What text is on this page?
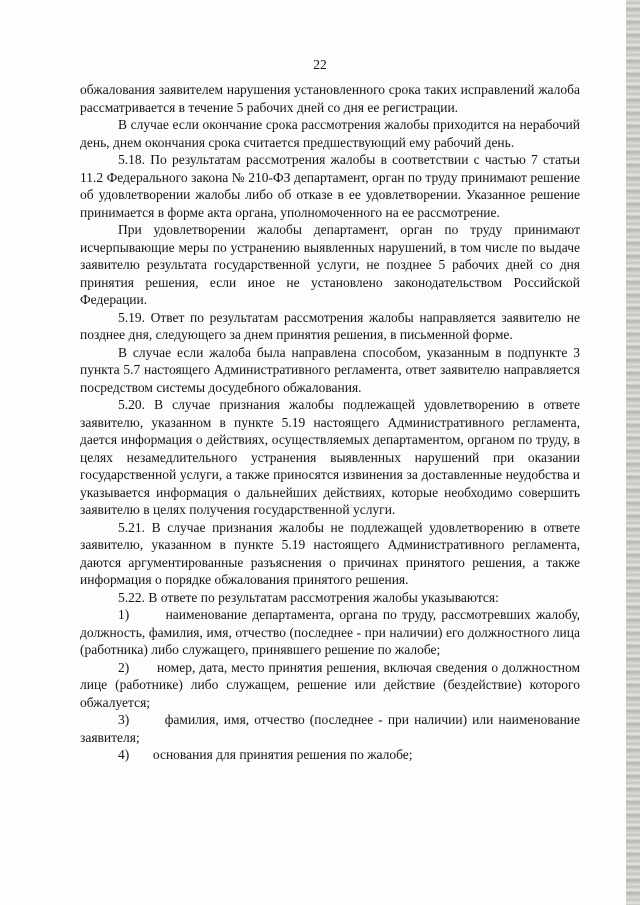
22

обжалования заявителем нарушения установленного срока таких исправлений жалоба рассматривается в течение 5 рабочих дней со дня ее регистрации.

В случае если окончание срока рассмотрения жалобы приходится на нерабочий день, днем окончания срока считается предшествующий ему рабочий день.

5.18. По результатам рассмотрения жалобы в соответствии с частью 7 статьи 11.2 Федерального закона № 210-ФЗ департамент, орган по труду принимают решение об удовлетворении жалобы либо об отказе в ее удовлетворении. Указанное решение принимается в форме акта органа, уполномоченного на ее рассмотрение.

При удовлетворении жалобы департамент, орган по труду принимают исчерпывающие меры по устранению выявленных нарушений, в том числе по выдаче заявителю результата государственной услуги, не позднее 5 рабочих дней со дня принятия решения, если иное не установлено законодательством Российской Федерации.

5.19. Ответ по результатам рассмотрения жалобы направляется заявителю не позднее дня, следующего за днем принятия решения, в письменной форме.

В случае если жалоба была направлена способом, указанным в подпункте 3 пункта 5.7 настоящего Административного регламента, ответ заявителю направляется посредством системы досудебного обжалования.

5.20. В случае признания жалобы подлежащей удовлетворению в ответе заявителю, указанном в пункте 5.19 настоящего Административного регламента, дается информация о действиях, осуществляемых департаментом, органом по труду, в целях незамедлительного устранения выявленных нарушений при оказании государственной услуги, а также приносятся извинения за доставленные неудобства и указывается информация о дальнейших действиях, которые необходимо совершить заявителю в целях получения государственной услуги.

5.21. В случае признания жалобы не подлежащей удовлетворению в ответе заявителю, указанном в пункте 5.19 настоящего Административного регламента, даются аргументированные разъяснения о причинах принятого решения, а также информация о порядке обжалования принятого решения.

5.22. В ответе по результатам рассмотрения жалобы указываются:

1)	наименование департамента, органа по труду, рассмотревших жалобу, должность, фамилия, имя, отчество (последнее - при наличии) его должностного лица (работника) либо служащего, принявшего решение по жалобе;

2) номер, дата, место принятия решения, включая сведения о должностном лице (работнике) либо служащем, решение или действие (бездействие) которого обжалуется;

3)	фамилия, имя, отчество (последнее - при наличии) или наименование заявителя;

4) основания для принятия решения по жалобе;
